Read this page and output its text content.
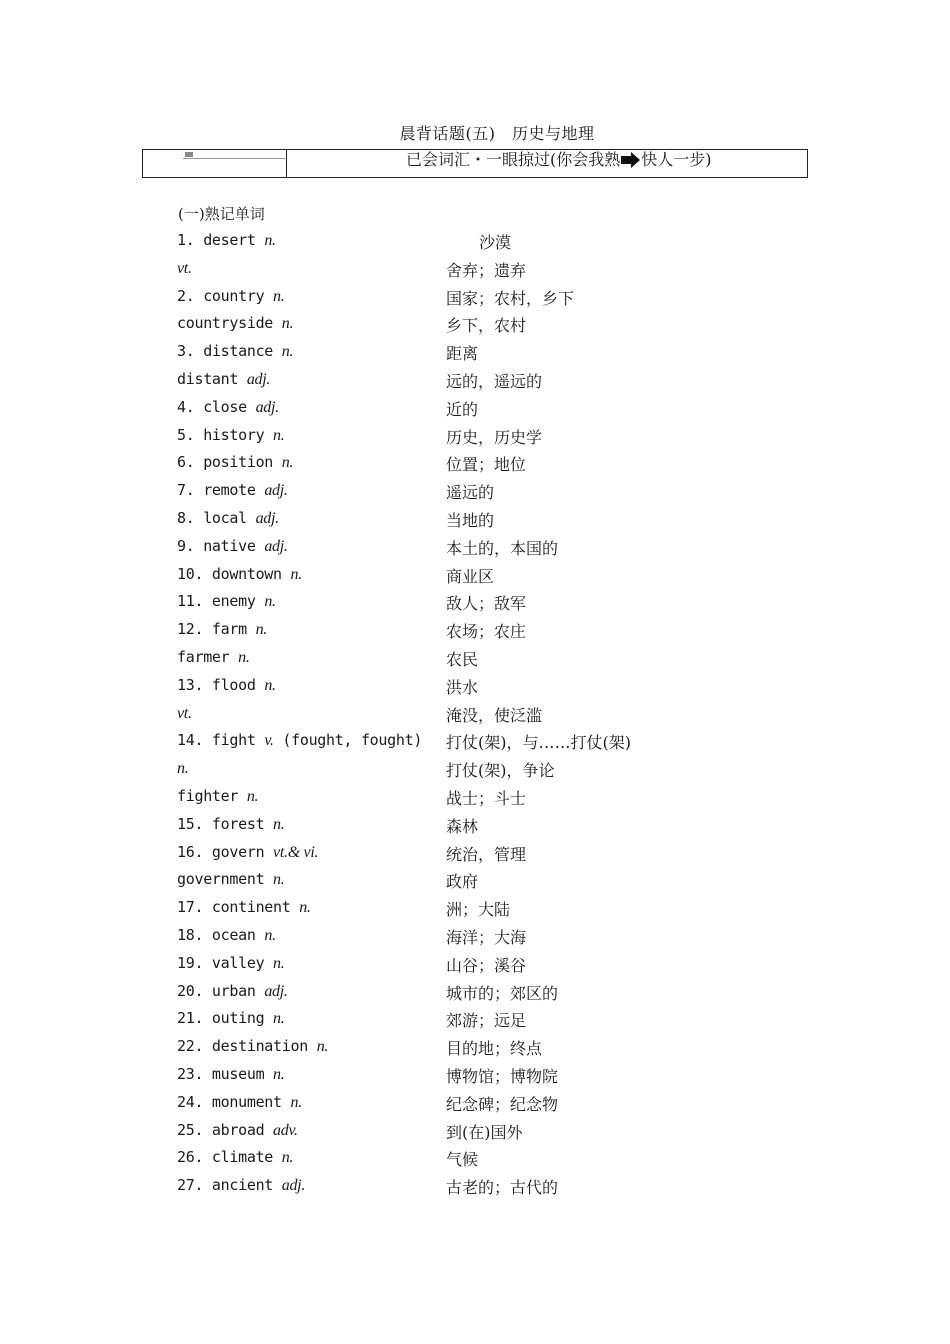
晨背话题(五)　历史与地理
已会词汇・一眼掠过(你会我熟 快人一步)
(一)熟记单词
1. desert n.	沙漠
vt.	舍弃；遗弃
2. country n.	国家；农村，乡下
countryside n.	乡下，农村
3. distance n.	距离
distant adj.	远的，遥远的
4. close adj.	近的
5. history n.	历史，历史学
6. position n.	位置；地位
7. remote adj.	遥远的
8. local adj.	当地的
9. native adj.	本土的，本国的
10. downtown n.	商业区
11. enemy n.	敌人；敌军
12. farm n.	农场；农庄
farmer n.	农民
13. flood n.	洪水
vt.	淹没，使泛滥
14. fight v. (fought, fought) 打仗(架)，与……打仗(架)
n.	打仗(架)，争论
fighter n.	战士；斗士
15. forest n.	森林
16. govern vt.& vi.	统治，管理
government n.	政府
17. continent n.	洲；大陆
18. ocean n.	海洋；大海
19. valley n.	山谷；溪谷
20. urban adj.	城市的；郊区的
21. outing n.	郊游；远足
22. destination n.	目的地；终点
23. museum n.	博物馆；博物院
24. monument n.	纪念碑；纪念物
25. abroad adv.	到(在)国外
26. climate n.	气候
27. ancient adj.	古老的；古代的
